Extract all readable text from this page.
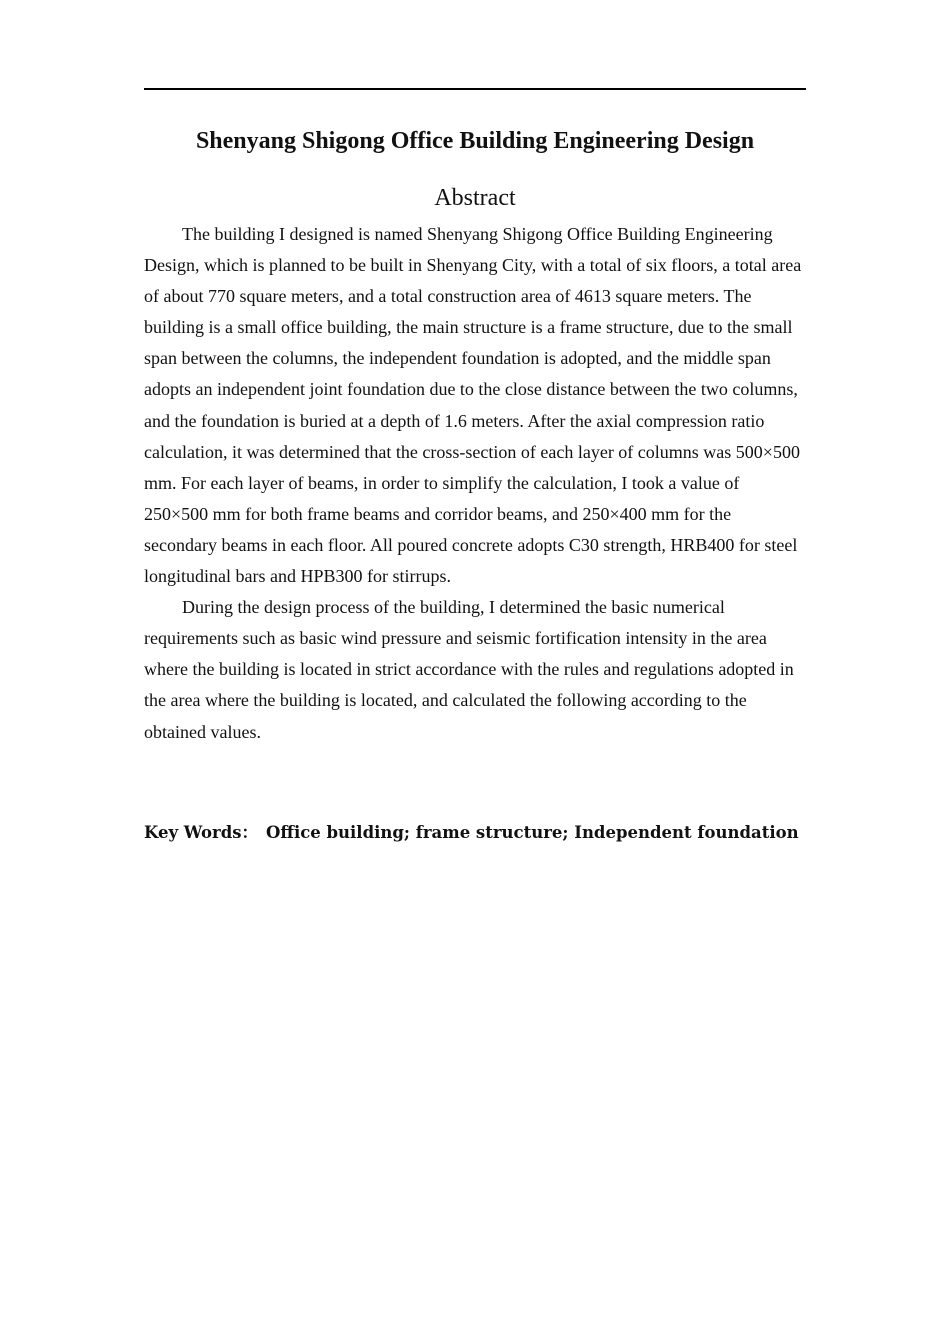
Shenyang Shigong Office Building Engineering Design
Abstract

The building I designed is named Shenyang Shigong Office Building Engineering Design, which is planned to be built in Shenyang City, with a total of six floors, a total area of about 770 square meters, and a total construction area of 4613 square meters. The building is a small office building, the main structure is a frame structure, due to the small span between the columns, the independent foundation is adopted, and the middle span adopts an independent joint foundation due to the close distance between the two columns, and the foundation is buried at a depth of 1.6 meters. After the axial compression ratio calculation, it was determined that the cross-section of each layer of columns was 500×500 mm. For each layer of beams, in order to simplify the calculation, I took a value of 250×500 mm for both frame beams and corridor beams, and 250×400 mm for the secondary beams in each floor. All poured concrete adopts C30 strength, HRB400 for steel longitudinal bars and HPB300 for stirrups.

During the design process of the building, I determined the basic numerical requirements such as basic wind pressure and seismic fortification intensity in the area where the building is located in strict accordance with the rules and regulations adopted in the area where the building is located, and calculated the following according to the obtained values.

Key Words： Office building; frame structure; Independent foundation
